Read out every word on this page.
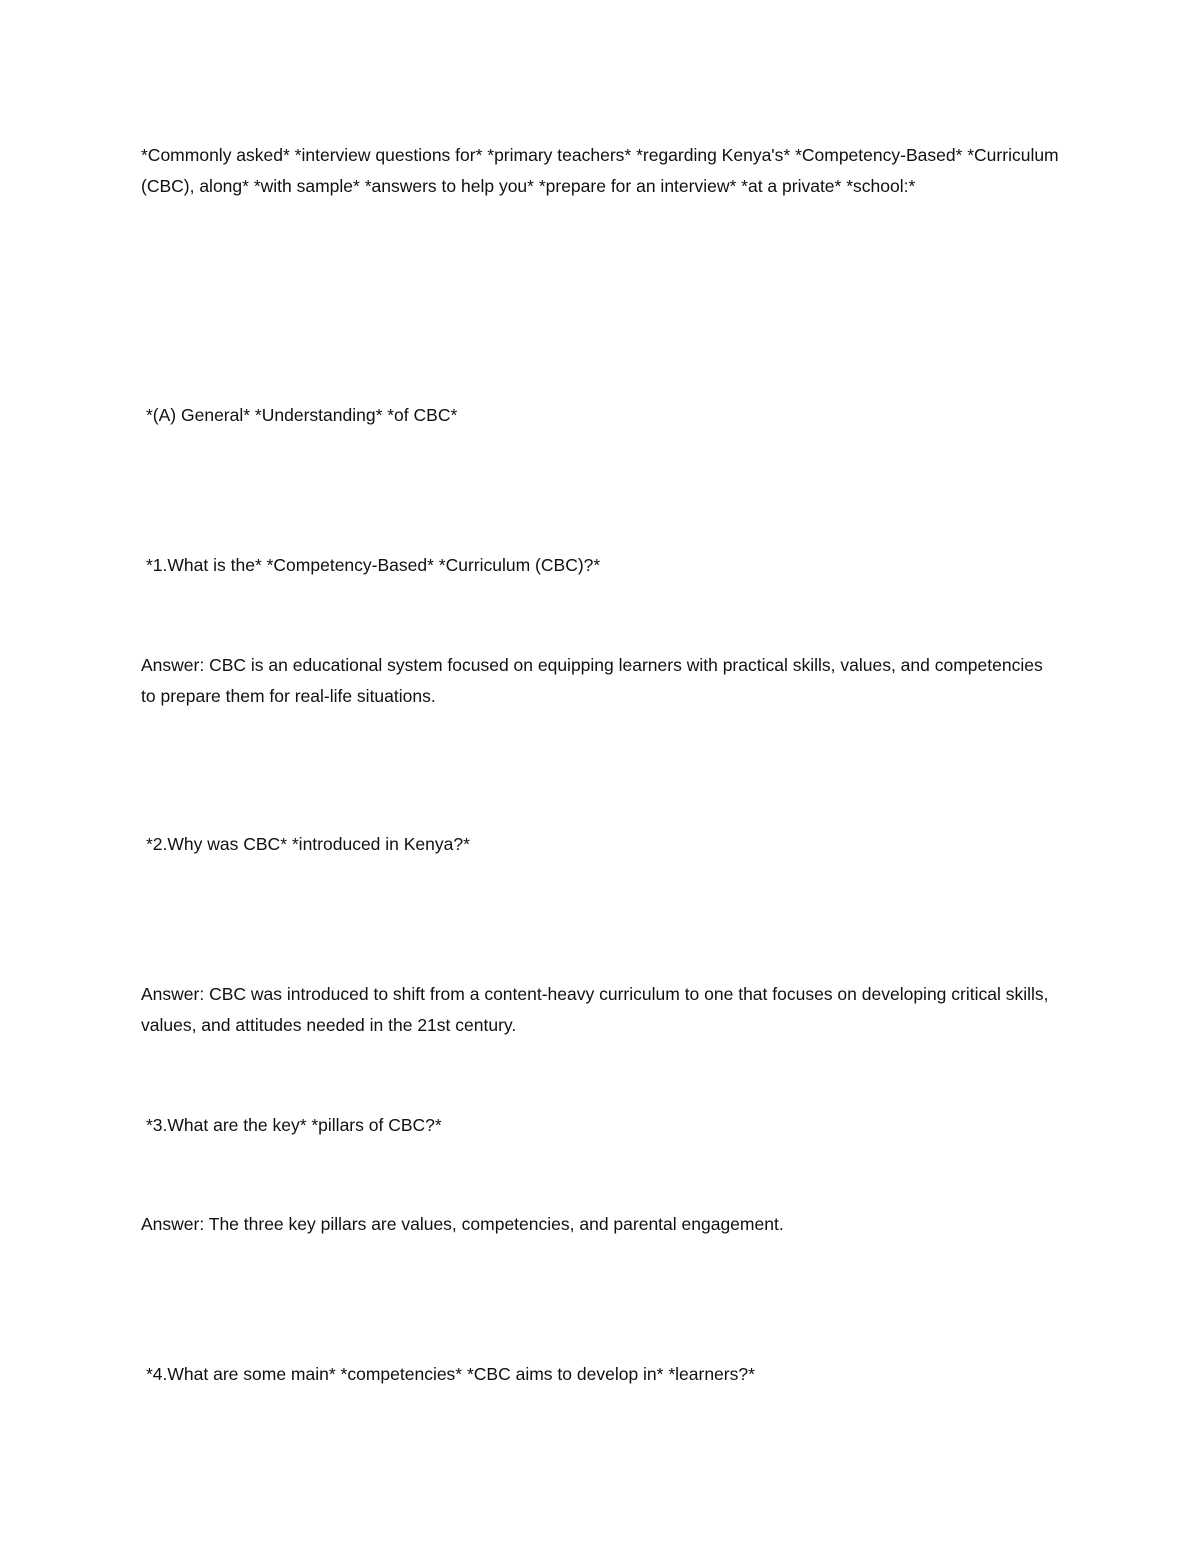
*Commonly asked* *interview questions for* *primary teachers* *regarding Kenya's* *Competency-Based* *Curriculum (CBC), along* *with sample* *answers to help you* *prepare for an interview* *at a private* *school:*

*(A) General* *Understanding* *of CBC*

*1.What is the* *Competency-Based* *Curriculum (CBC)?*

Answer: CBC is an educational system focused on equipping learners with practical skills, values, and competencies to prepare them for real-life situations.

*2.Why was CBC* *introduced in Kenya?*

Answer: CBC was introduced to shift from a content-heavy curriculum to one that focuses on developing critical skills, values, and attitudes needed in the 21st century.

*3.What are the key* *pillars of CBC?*

Answer: The three key pillars are values, competencies, and parental engagement.

*4.What are some main* *competencies* *CBC aims to develop in* *learners?*
